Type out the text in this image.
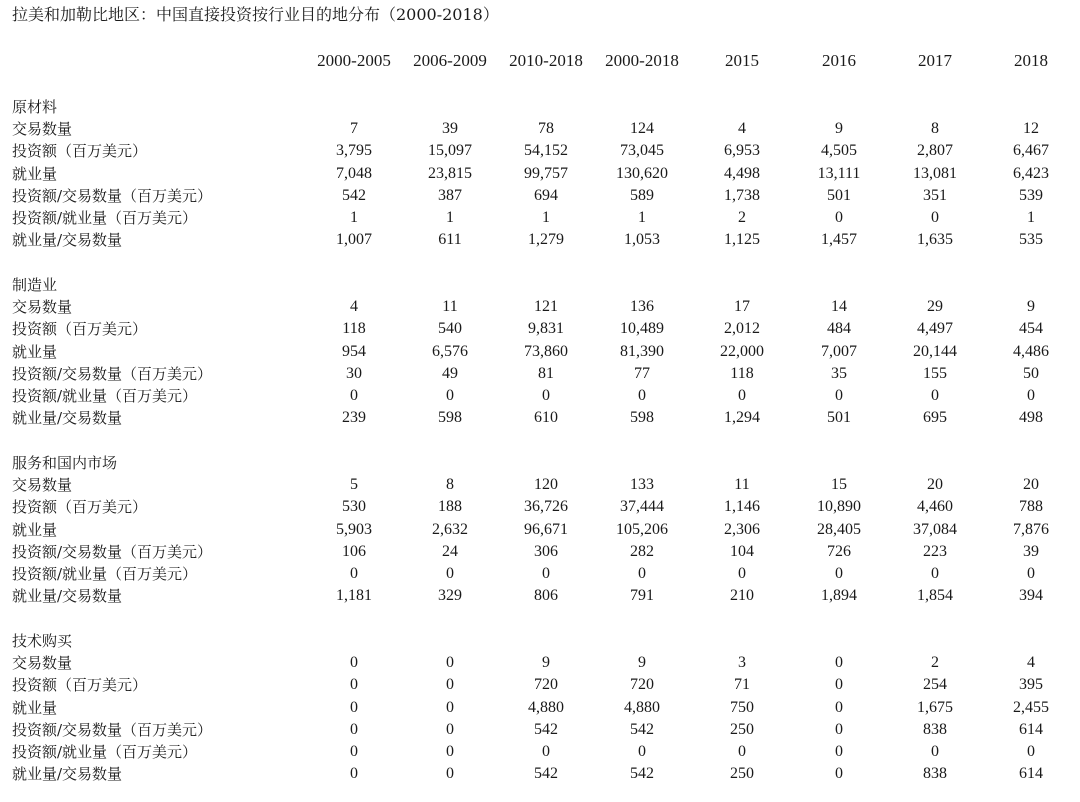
拉美和加勒比地区：中国直接投资按行业目的地分布（2000-2018）
2000-2005	2006-2009	2010-2018	2000-2018	2015	2016	2017	2018
原材料
交易数量	7	39	78	124	4	9	8	12
投资额（百万美元）	3,795	15,097	54,152	73,045	6,953	4,505	2,807	6,467
就业量	7,048	23,815	99,757	130,620	4,498	13,111	13,081	6,423
投资额/交易数量（百万美元）	542	387	694	589	1,738	501	351	539
投资额/就业量（百万美元）	1	1	1	1	2	0	0	1
就业量/交易数量	1,007	611	1,279	1,053	1,125	1,457	1,635	535
制造业
交易数量	4	11	121	136	17	14	29	9
投资额（百万美元）	118	540	9,831	10,489	2,012	484	4,497	454
就业量	954	6,576	73,860	81,390	22,000	7,007	20,144	4,486
投资额/交易数量（百万美元）	30	49	81	77	118	35	155	50
投资额/就业量（百万美元）	0	0	0	0	0	0	0	0
就业量/交易数量	239	598	610	598	1,294	501	695	498
服务和国内市场
交易数量	5	8	120	133	11	15	20	20
投资额（百万美元）	530	188	36,726	37,444	1,146	10,890	4,460	788
就业量	5,903	2,632	96,671	105,206	2,306	28,405	37,084	7,876
投资额/交易数量（百万美元）	106	24	306	282	104	726	223	39
投资额/就业量（百万美元）	0	0	0	0	0	0	0	0
就业量/交易数量	1,181	329	806	791	210	1,894	1,854	394
技术购买
交易数量	0	0	9	9	3	0	2	4
投资额（百万美元）	0	0	720	720	71	0	254	395
就业量	0	0	4,880	4,880	750	0	1,675	2,455
投资额/交易数量（百万美元）	0	0	542	542	250	0	838	614
投资额/就业量（百万美元）	0	0	0	0	0	0	0	0
就业量/交易数量	0	0	542	542	250	0	838	614
